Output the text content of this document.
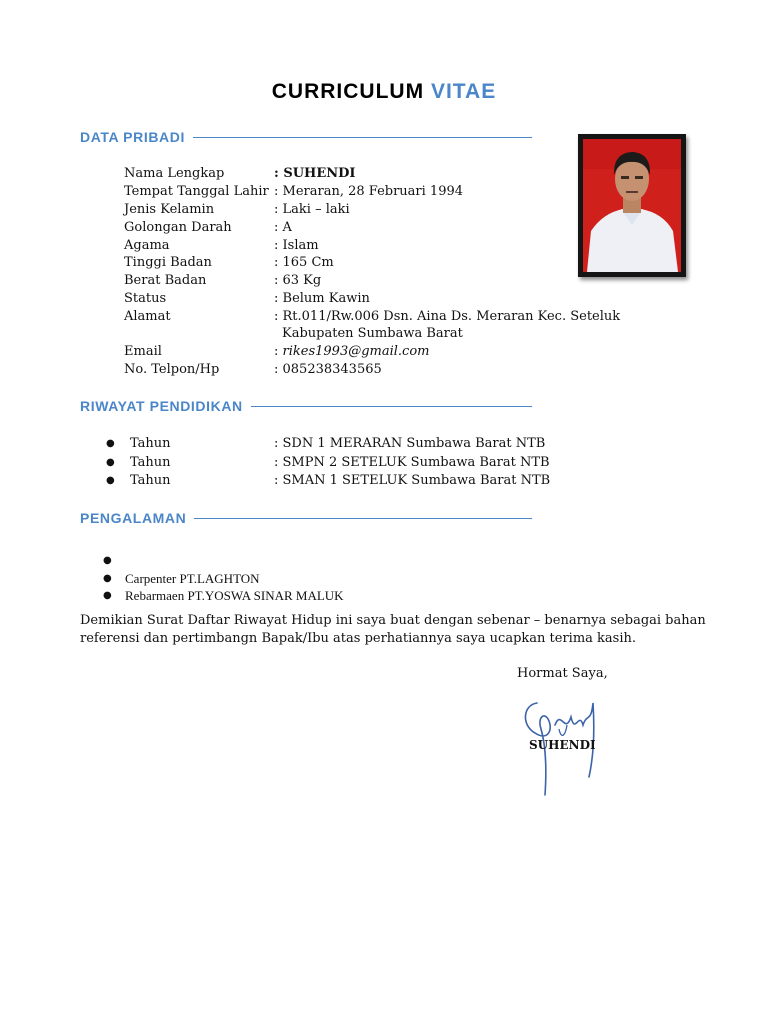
CURRICULUM VITAE
DATA PRIBADI
Nama Lengkap	: SUHENDI
Tempat Tanggal Lahir : Meraran, 28 Februari 1994
Jenis Kelamin	: Laki – laki
Golongan Darah	: A
Agama	: Islam
Tinggi Badan	: 165 Cm
Berat Badan	: 63 Kg
Status	: Belum Kawin
Alamat	: Rt.011/Rw.006 Dsn. Aina Ds. Meraran Kec. Seteluk
Kabupaten Sumbawa Barat
Email	: rikes1993@gmail.com
No. Telpon/Hp	: 085238343565
RIWAYAT PENDIDIKAN
● Tahun	: SDN 1 MERARAN Sumbawa Barat NTB
● Tahun	: SMPN 2 SETELUK Sumbawa Barat NTB
● Tahun	: SMAN 1 SETELUK Sumbawa Barat NTB
PENGALAMAN
●
● Carpenter PT.LAGHTON
● Rebarmaen PT.YOSWA SINAR MALUK
Demikian Surat Daftar Riwayat Hidup ini saya buat dengan sebenar – benarnya sebagai bahan
referensi dan pertimbangn Bapak/Ibu atas perhatiannya saya ucapkan terima kasih.
Hormat Saya,
SUHENDI
